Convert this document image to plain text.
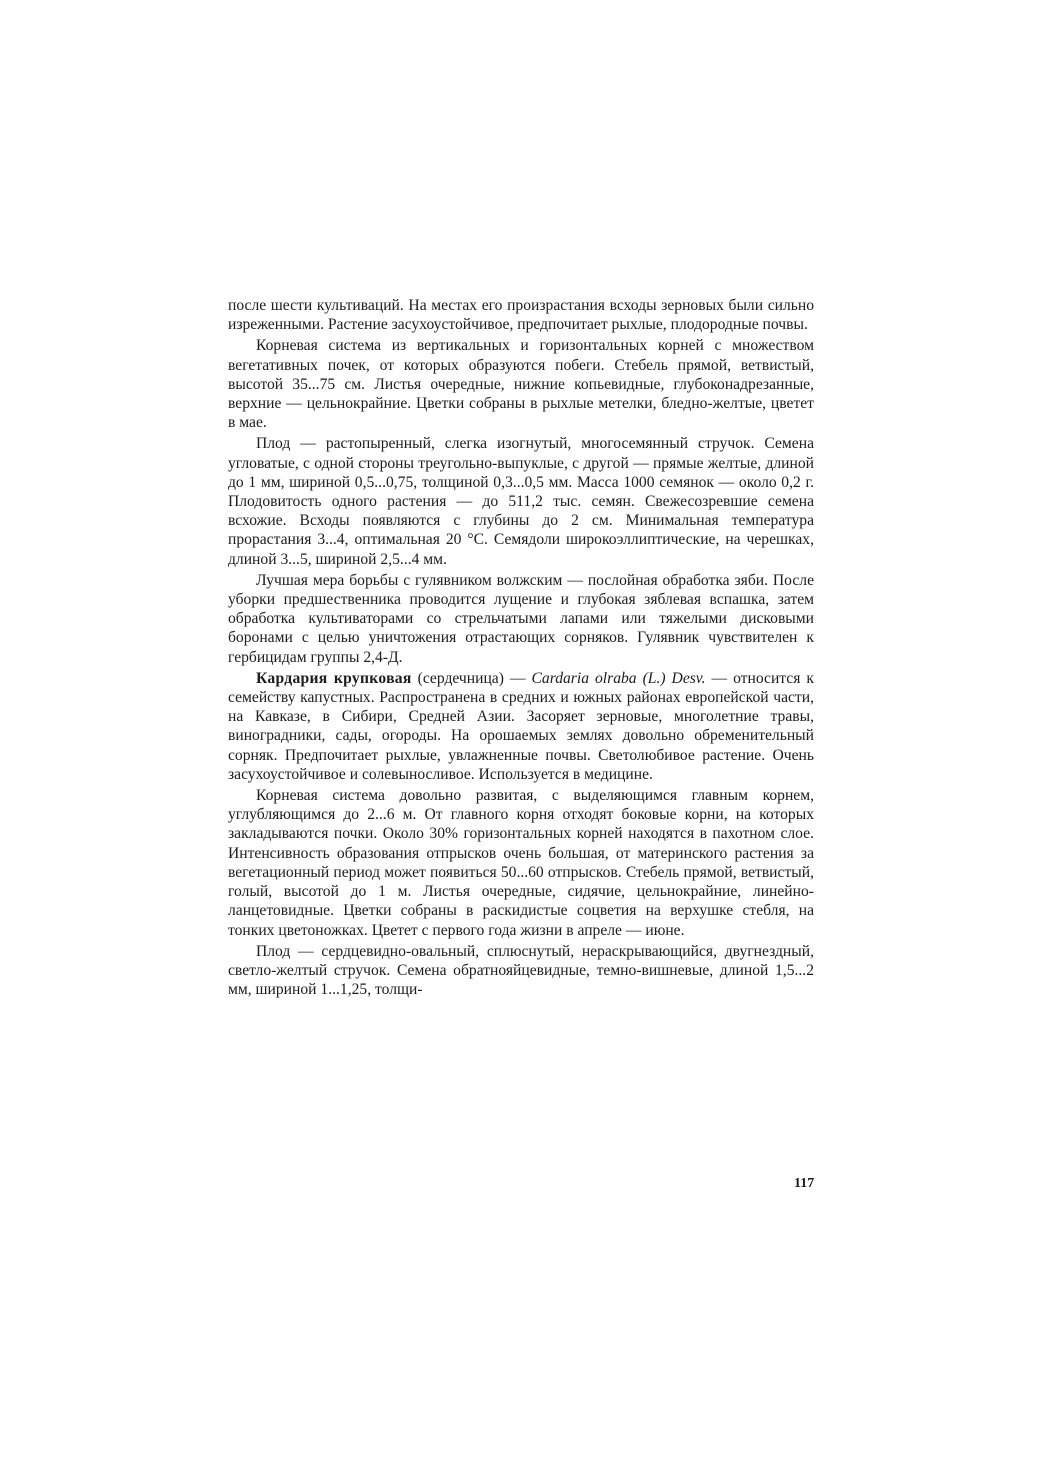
после шести культиваций. На местах его произрастания всходы зерновых были сильно изреженными. Растение засухоустойчивое, предпочитает рыхлые, плодородные почвы.

Корневая система из вертикальных и горизонтальных корней с множеством вегетативных почек, от которых образуются побеги. Стебель прямой, ветвистый, высотой 35...75 см. Листья очередные, нижние копьевидные, глубоконадрезанные, верхние — цельнокрайние. Цветки собраны в рыхлые метелки, бледно-желтые, цветет в мае.

Плод — растопыренный, слегка изогнутый, многосемянный стручок. Семена угловатые, с одной стороны треугольно-выпуклые, с другой — прямые желтые, длиной до 1 мм, шириной 0,5...0,75, толщиной 0,3...0,5 мм. Масса 1000 семянок — около 0,2 г. Плодовитость одного растения — до 511,2 тыс. семян. Свежесозревшие семена всхожие. Всходы появляются с глубины до 2 см. Минимальная температура прорастания 3...4, оптимальная 20 °С. Семядоли широкоэллиптические, на черешках, длиной 3...5, шириной 2,5...4 мм.

Лучшая мера борьбы с гулявником волжским — послойная обработка зяби. После уборки предшественника проводится лущение и глубокая зяблевая вспашка, затем обработка культиваторами со стрельчатыми лапами или тяжелыми дисковыми боронами с целью уничтожения отрастающих сорняков. Гулявник чувствителен к гербицидам группы 2,4-Д.

Кардария крупковая (сердечница) — Cardaria olraba (L.) Desv. — относится к семейству капустных. Распространена в средних и южных районах европейской части, на Кавказе, в Сибири, Средней Азии. Засоряет зерновые, многолетние травы, виноградники, сады, огороды. На орошаемых землях довольно обременительный сорняк. Предпочитает рыхлые, увлажненные почвы. Светолюбивое растение. Очень засухоустойчивое и солевыносливое. Используется в медицине.

Корневая система довольно развитая, с выделяющимся главным корнем, углубляющимся до 2...6 м. От главного корня отходят боковые корни, на которых закладываются почки. Около 30% горизонтальных корней находятся в пахотном слое. Интенсивность образования отпрысков очень большая, от материнского растения за вегетационный период может появиться 50...60 отпрысков. Стебель прямой, ветвистый, голый, высотой до 1 м. Листья очередные, сидячие, цельнокрайние, линейно-ланцетовидные. Цветки собраны в раскидистые соцветия на верхушке стебля, на тонких цветоножках. Цветет с первого года жизни в апреле — июне.

Плод — сердцевидно-овальный, сплюснутый, нераскрывающийся, двугнездный, светло-желтый стручок. Семена обратнояйцевидные, темно-вишневые, длиной 1,5...2 мм, шириной 1...1,25, толщи-

117
